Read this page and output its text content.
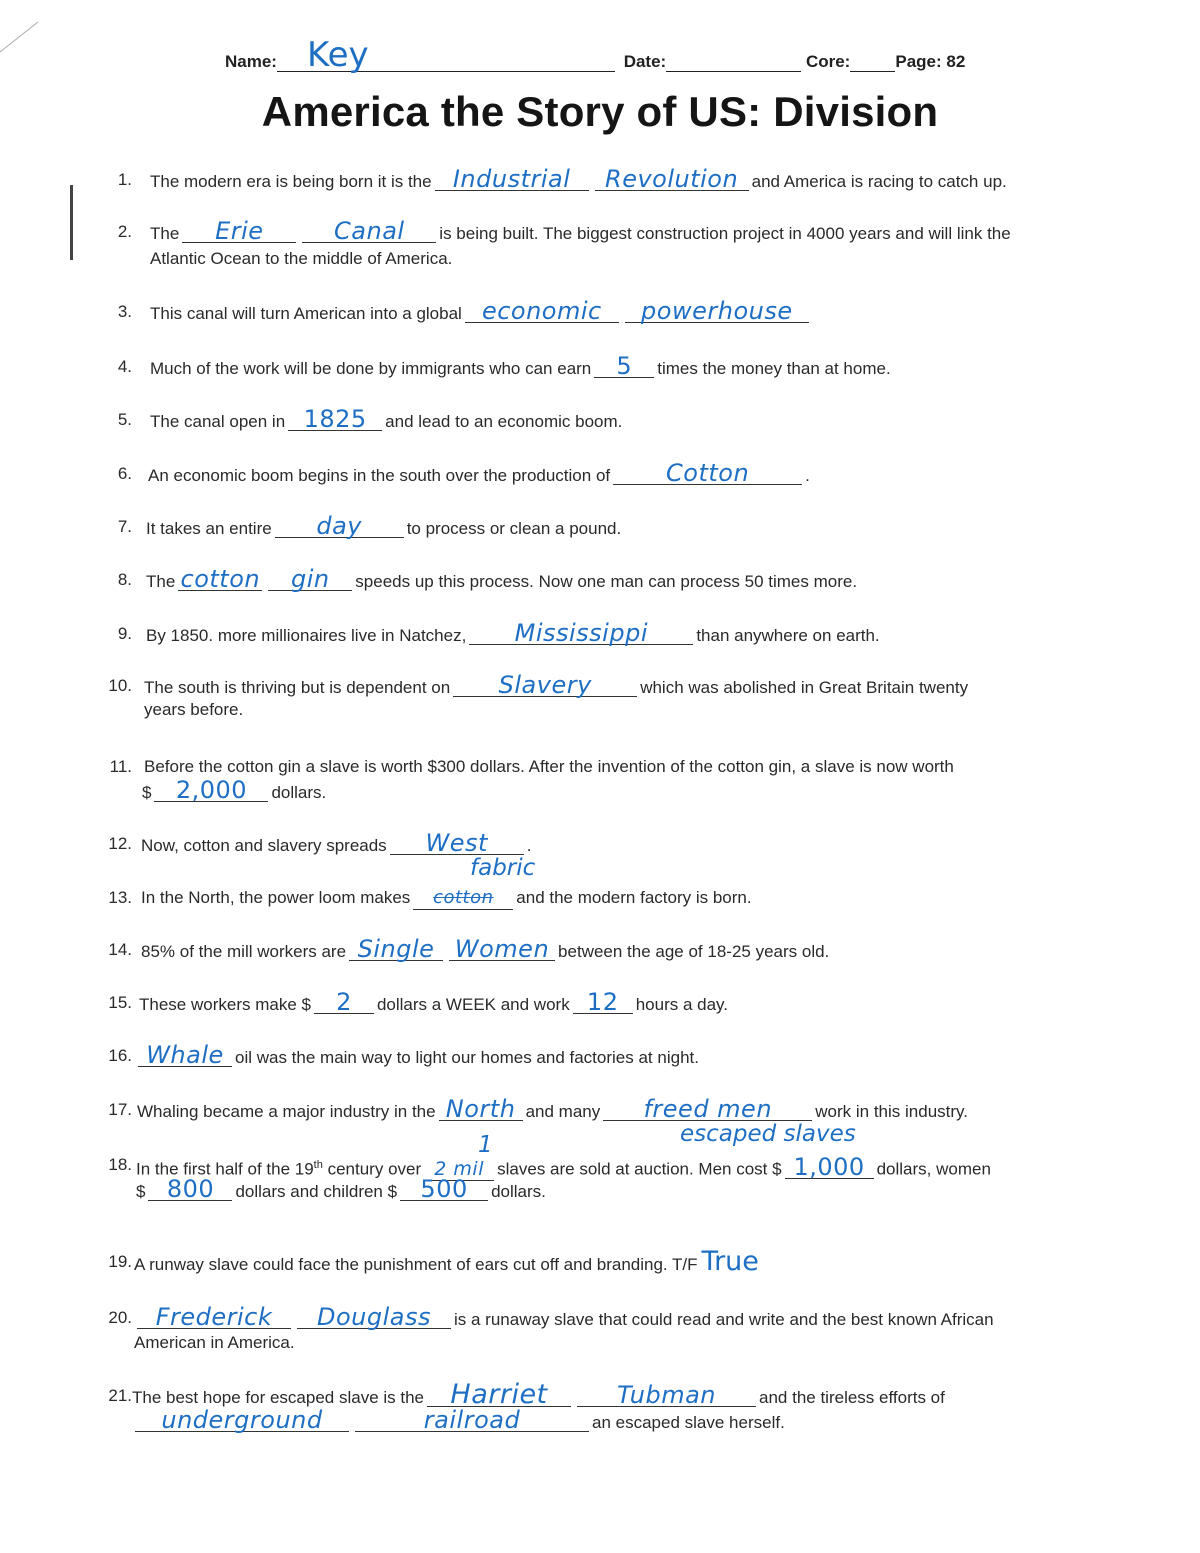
Name: Key	Date:	Core:	Page: 82
America the Story of US: Division
1. The modern era is being born it is the Industrial Revolution and America is racing to catch up.
2. The Erie	Canal is being built. The biggest construction project in 4000 years and will link the
Atlantic Ocean to the middle of America.
3. This canal will turn American into a global economic powerhouse
4. Much of the work will be done by immigrants who can earn 5 times the money than at home.
5. The canal open in 1825 and lead to an economic boom.
6. An economic boom begins in the south over the production of Cotton	.
7. It takes an entire day	to process or clean a pound.
8. The cotton gin speeds up this process. Now one man can process 50 times more.
9. By 1850. more millionaires live in Natchez, Mississippi	than anywhere on earth.
10. The south is thriving but is dependent on Slavery	which was abolished in Great Britain twenty
years before.
11. Before the cotton gin a slave is worth $300 dollars. After the invention of the cotton gin, a slave is now worth
$ 2,000 dollars.
12. Now, cotton and slavery spreads West .
13. In the North, the power loom makes cotton and the modern factory is born.
fabric
14. 85% of the mill workers are Single Women between the age of 18-25 years old.
15. These workers make $ 2 dollars a WEEK and work 12 hours a day.
16. Whale oil was the main way to light our homes and factories at night.
17. Whaling became a major industry in the North and many freed men	work in this industry.
escaped slaves
18. In the first half of the 19th century over 2 mil slaves are sold at auction. Men cost $ 1,000 dollars, women
1
$ 800 dollars and children $ 500 dollars.
19. A runway slave could face the punishment of ears cut off and branding. T/F True
20. Frederick Douglass is a runaway slave that could read and write and the best known African
American in America.
21. The best hope for escaped slave is the Harriet	Tubman	and the tireless efforts of
underground	railroad	an escaped slave herself.
